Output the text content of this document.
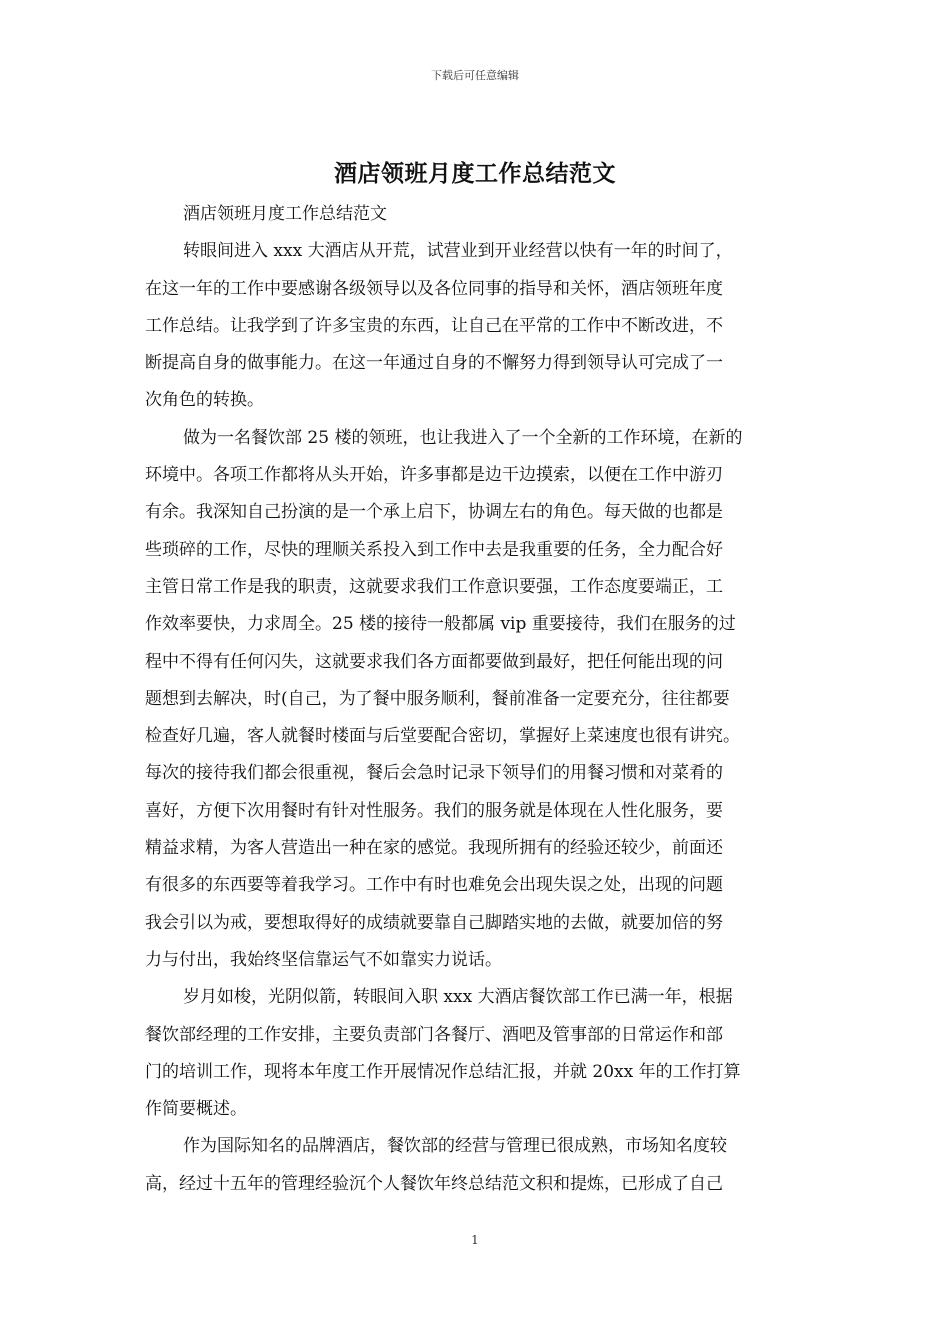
下载后可任意编辑
酒店领班月度工作总结范文
酒店领班月度工作总结范文
转眼间进入 xxx 大酒店从开荒，试营业到开业经营以快有一年的时间了，
在这一年的工作中要感谢各级领导以及各位同事的指导和关怀，酒店领班年度
工作总结。让我学到了许多宝贵的东西，让自己在平常的工作中不断改进，不
断提高自身的做事能力。在这一年通过自身的不懈努力得到领导认可完成了一
次角色的转换。
做为一名餐饮部 25 楼的领班，也让我进入了一个全新的工作环境，在新的
环境中。各项工作都将从头开始，许多事都是边干边摸索，以便在工作中游刃
有余。我深知自己扮演的是一个承上启下，协调左右的角色。每天做的也都是
些琐碎的工作，尽快的理顺关系投入到工作中去是我重要的任务，全力配合好
主管日常工作是我的职责，这就要求我们工作意识要强，工作态度要端正，工
作效率要快，力求周全。25 楼的接待一般都属 vip 重要接待，我们在服务的过
程中不得有任何闪失，这就要求我们各方面都要做到最好，把任何能出现的问
题想到去解决，时(自己，为了餐中服务顺利，餐前准备一定要充分，往往都要
检查好几遍，客人就餐时楼面与后堂要配合密切，掌握好上菜速度也很有讲究。
每次的接待我们都会很重视，餐后会急时记录下领导们的用餐习惯和对菜肴的
喜好，方便下次用餐时有针对性服务。我们的服务就是体现在人性化服务，要
精益求精，为客人营造出一种在家的感觉。我现所拥有的经验还较少，前面还
有很多的东西要等着我学习。工作中有时也难免会出现失误之处，出现的问题
我会引以为戒，要想取得好的成绩就要靠自己脚踏实地的去做，就要加倍的努
力与付出，我始终坚信靠运气不如靠实力说话。
岁月如梭，光阴似箭，转眼间入职 xxx 大酒店餐饮部工作已满一年，根据
餐饮部经理的工作安排，主要负责部门各餐厅、酒吧及管事部的日常运作和部
门的培训工作，现将本年度工作开展情况作总结汇报，并就 20xx 年的工作打算
作简要概述。
作为国际知名的品牌酒店，餐饮部的经营与管理已很成熟，市场知名度较
高，经过十五年的管理经验沉个人餐饮年终总结范文积和提炼，已形成了自己
1
